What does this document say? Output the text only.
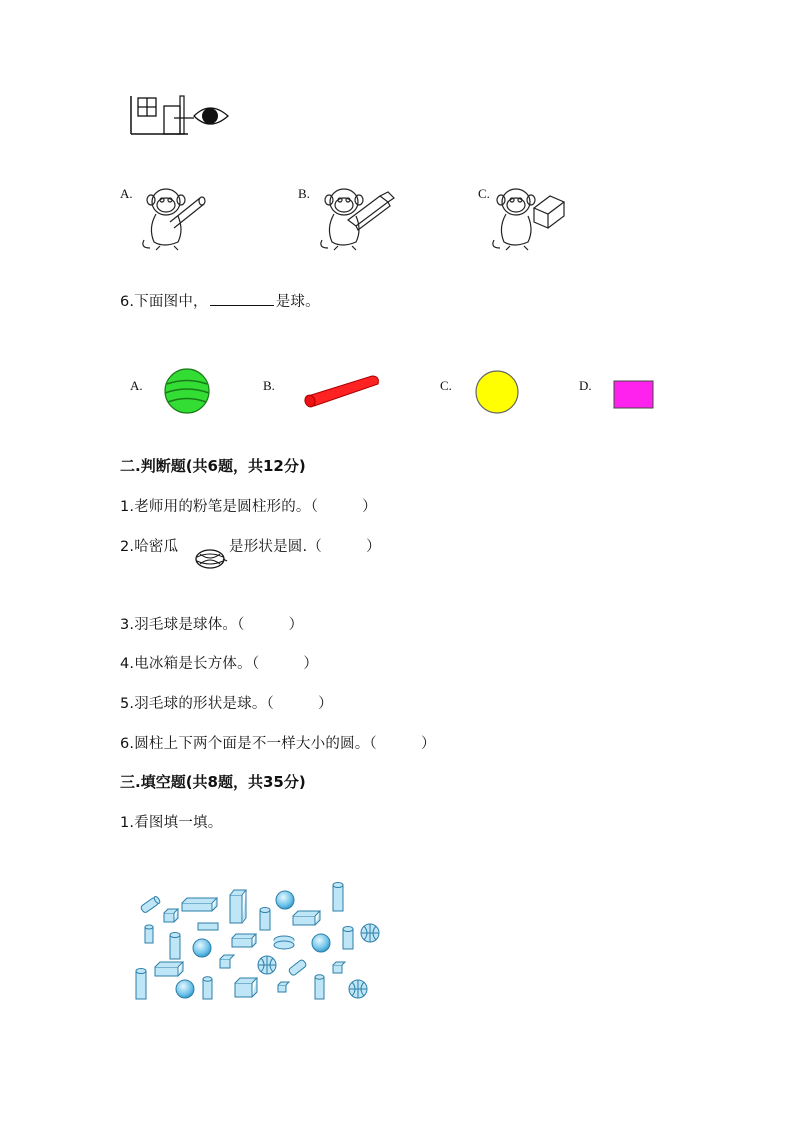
A.	B.	C.
6.下面图中，	是球。
A.	B.	C.	D.
二.判断题(共6题，共12分)
1.老师用的粉笔是圆柱形的。（　　　）
2.哈密瓜	是形状是圆.（　　　）
3.羽毛球是球体。（　　　）
4.电冰箱是长方体。（　　　）
5.羽毛球的形状是球。（　　　）
6.圆柱上下两个面是不一样大小的圆。（　　　）
三.填空题(共8题，共35分)
1.看图填一填。
